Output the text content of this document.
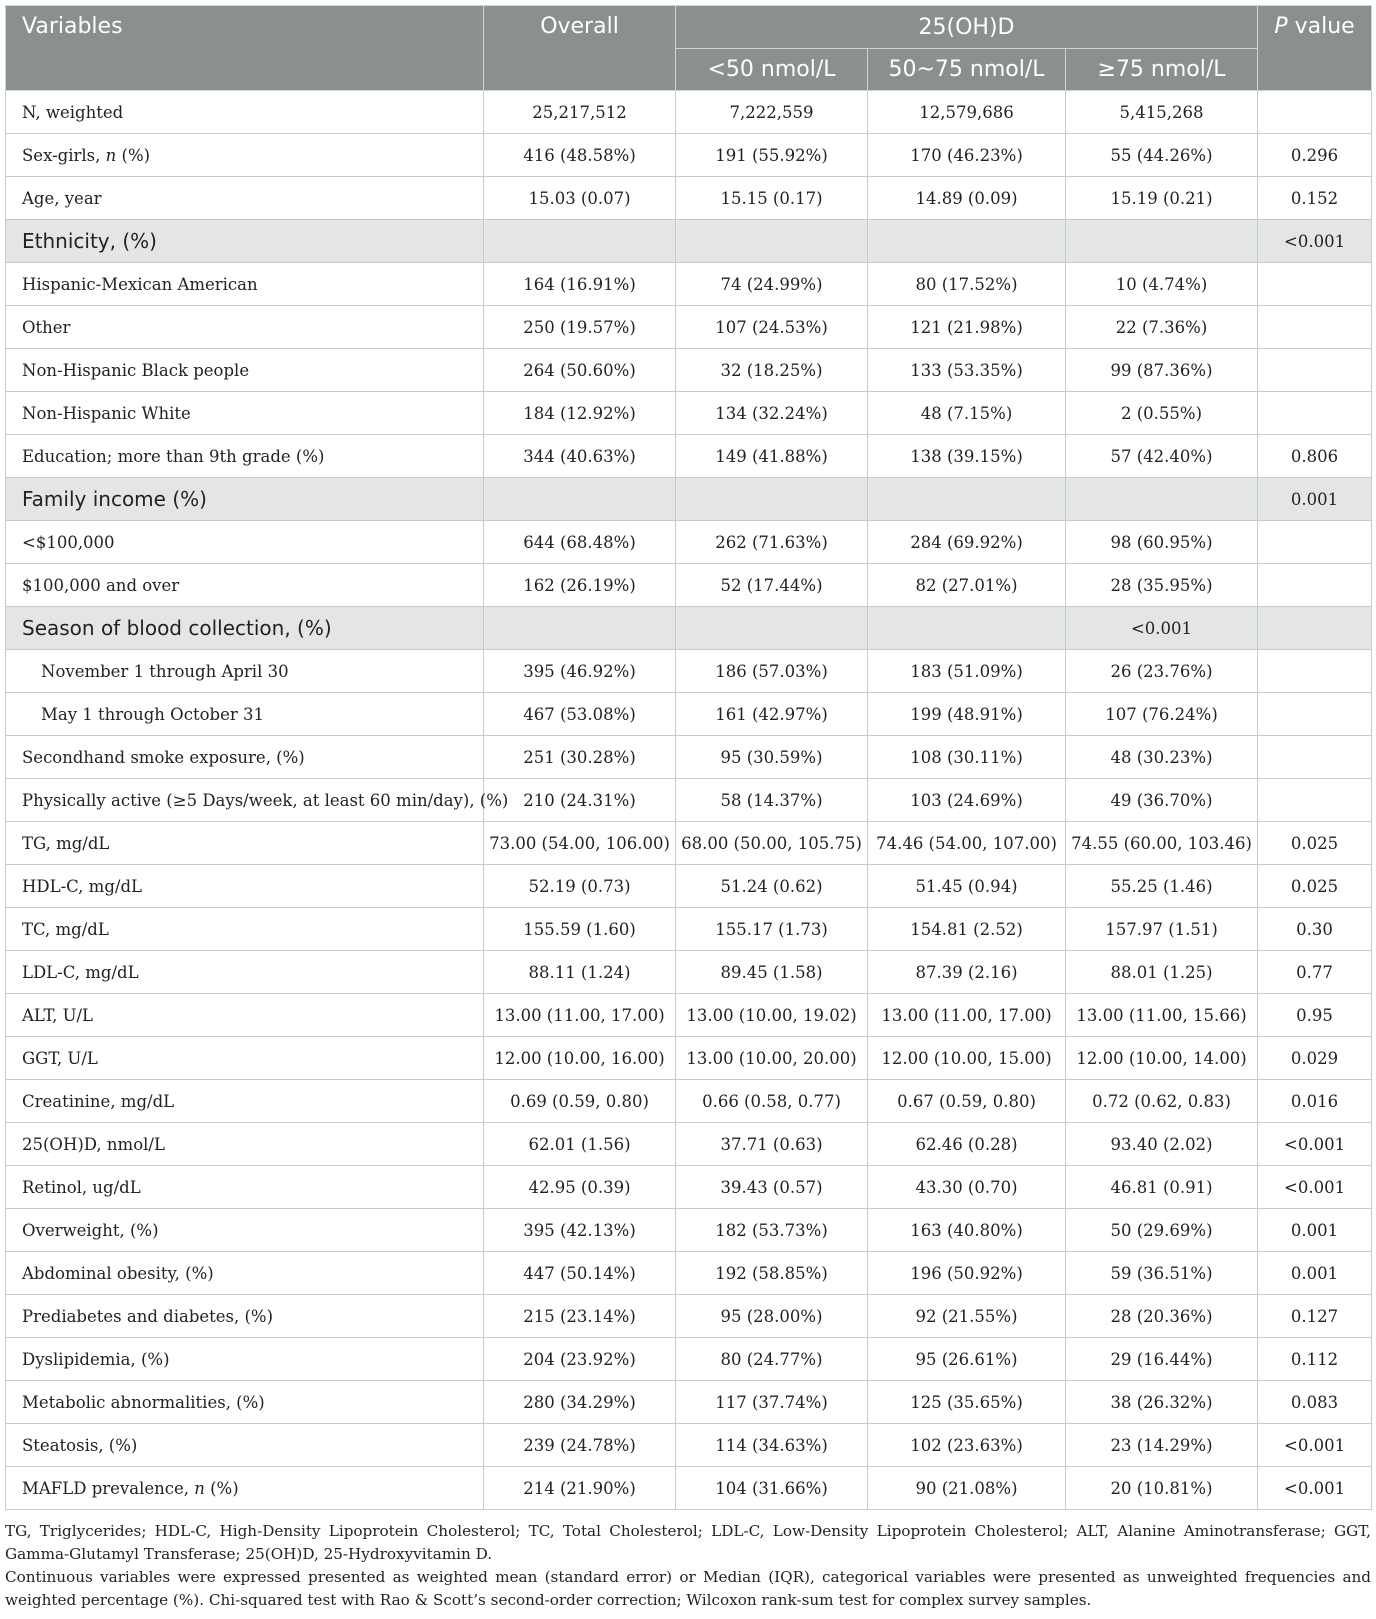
Variables	Overall	25(OH)D			P value
		<50 nmol/L	50~75 nmol/L	≥75 nmol/L	
N, weighted	25,217,512	7,222,559	12,579,686	5,415,268	
Sex-girls, n (%)	416 (48.58%)	191 (55.92%)	170 (46.23%)	55 (44.26%)	0.296
Age, year	15.03 (0.07)	15.15 (0.17)	14.89 (0.09)	15.19 (0.21)	0.152
Ethnicity, (%)					<0.001
Hispanic-Mexican American	164 (16.91%)	74 (24.99%)	80 (17.52%)	10 (4.74%)	
Other	250 (19.57%)	107 (24.53%)	121 (21.98%)	22 (7.36%)	
Non-Hispanic Black people	264 (50.60%)	32 (18.25%)	133 (53.35%)	99 (87.36%)	
Non-Hispanic White	184 (12.92%)	134 (32.24%)	48 (7.15%)	2 (0.55%)	
Education; more than 9th grade (%)	344 (40.63%)	149 (41.88%)	138 (39.15%)	57 (42.40%)	0.806
Family income (%)					0.001
<$100,000	644 (68.48%)	262 (71.63%)	284 (69.92%)	98 (60.95%)	
$100,000 and over	162 (26.19%)	52 (17.44%)	82 (27.01%)	28 (35.95%)	
Season of blood collection, (%)				<0.001	
November 1 through April 30	395 (46.92%)	186 (57.03%)	183 (51.09%)	26 (23.76%)	
May 1 through October 31	467 (53.08%)	161 (42.97%)	199 (48.91%)	107 (76.24%)	
Secondhand smoke exposure, (%)	251 (30.28%)	95 (30.59%)	108 (30.11%)	48 (30.23%)	
Physically active (≥5 Days/week, at least 60 min/day), (%)	210 (24.31%)	58 (14.37%)	103 (24.69%)	49 (36.70%)	
TG, mg/dL	73.00 (54.00, 106.00)	68.00 (50.00, 105.75)	74.46 (54.00, 107.00)	74.55 (60.00, 103.46)	0.025
HDL-C, mg/dL	52.19 (0.73)	51.24 (0.62)	51.45 (0.94)	55.25 (1.46)	0.025
TC, mg/dL	155.59 (1.60)	155.17 (1.73)	154.81 (2.52)	157.97 (1.51)	0.30
LDL-C, mg/dL	88.11 (1.24)	89.45 (1.58)	87.39 (2.16)	88.01 (1.25)	0.77
ALT, U/L	13.00 (11.00, 17.00)	13.00 (10.00, 19.02)	13.00 (11.00, 17.00)	13.00 (11.00, 15.66)	0.95
GGT, U/L	12.00 (10.00, 16.00)	13.00 (10.00, 20.00)	12.00 (10.00, 15.00)	12.00 (10.00, 14.00)	0.029
Creatinine, mg/dL	0.69 (0.59, 0.80)	0.66 (0.58, 0.77)	0.67 (0.59, 0.80)	0.72 (0.62, 0.83)	0.016
25(OH)D, nmol/L	62.01 (1.56)	37.71 (0.63)	62.46 (0.28)	93.40 (2.02)	<0.001
Retinol, ug/dL	42.95 (0.39)	39.43 (0.57)	43.30 (0.70)	46.81 (0.91)	<0.001
Overweight, (%)	395 (42.13%)	182 (53.73%)	163 (40.80%)	50 (29.69%)	0.001
Abdominal obesity, (%)	447 (50.14%)	192 (58.85%)	196 (50.92%)	59 (36.51%)	0.001
Prediabetes and diabetes, (%)	215 (23.14%)	95 (28.00%)	92 (21.55%)	28 (20.36%)	0.127
Dyslipidemia, (%)	204 (23.92%)	80 (24.77%)	95 (26.61%)	29 (16.44%)	0.112
Metabolic abnormalities, (%)	280 (34.29%)	117 (37.74%)	125 (35.65%)	38 (26.32%)	0.083
Steatosis, (%)	239 (24.78%)	114 (34.63%)	102 (23.63%)	23 (14.29%)	<0.001
MAFLD prevalence, n (%)	214 (21.90%)	104 (31.66%)	90 (21.08%)	20 (10.81%)	<0.001

TG, Triglycerides; HDL-C, High-Density Lipoprotein Cholesterol; TC, Total Cholesterol; LDL-C, Low-Density Lipoprotein Cholesterol; ALT, Alanine Aminotransferase; GGT, Gamma-Glutamyl Transferase; 25(OH)D, 25-Hydroxyvitamin D.

Continuous variables were expressed presented as weighted mean (standard error) or Median (IQR), categorical variables were presented as unweighted frequencies and weighted percentage (%). Chi-squared test with Rao & Scott’s second-order correction; Wilcoxon rank-sum test for complex survey samples.
